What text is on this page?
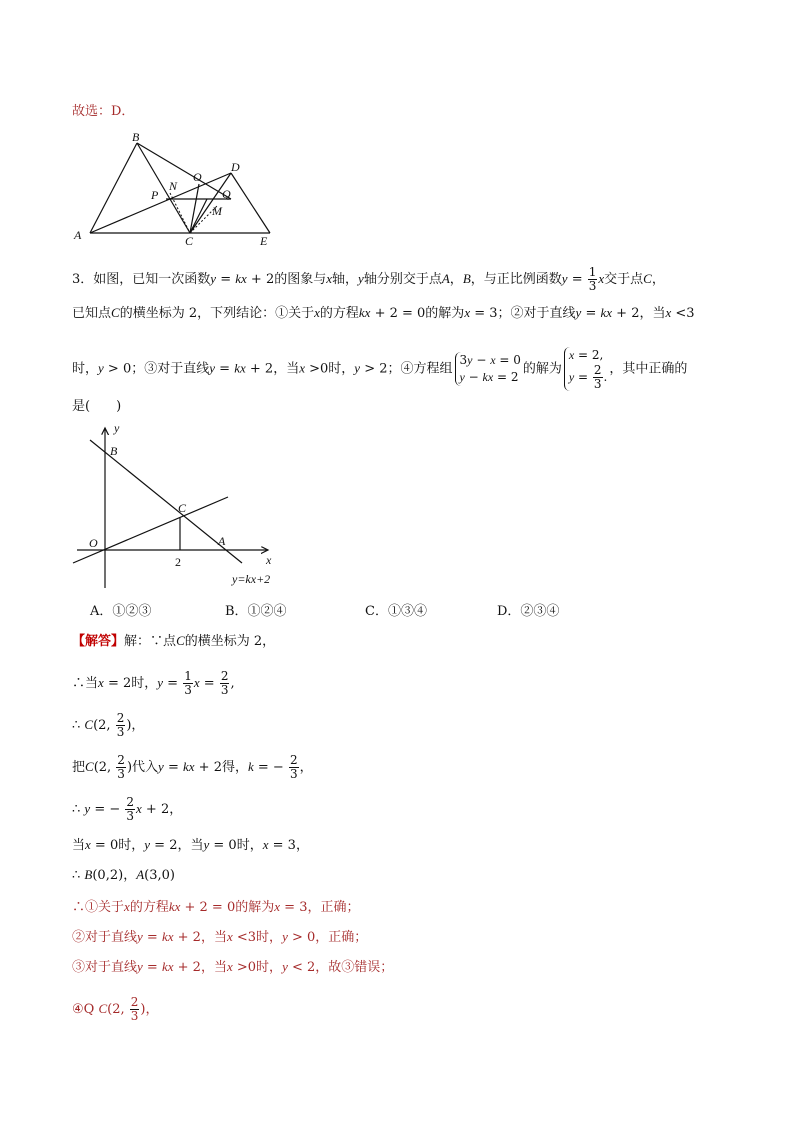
故选：D．
B
D
O
N
P	Q
M
A	C	E
3．如图，已知一次函数y = kx + 2的图象与x轴，y轴分别交于点A，B，与正比例函数$y = \frac{1}{3}$ x交于点C，
已知点C的横坐标为 2，下列结论：①关于x的方程kx + 2 = 0的解为x = 3；②对于直线y = kx + 2，当x <3
时，y > 0；③对于直线y = kx + 2，当x >0时，y > 2；④方程组
3y − x = 0
y − kx = 2
的解为
x = 2,
$y = \frac{2}{3}$ .
，其中正确的
是(　　)
y
B
C
O	A
x
2
y=kx+2
A．①②③	B．①②④	C．①③④	D．②③④
【解答】解：∵点C的横坐标为 2，
∴当x = 2时，$y = \frac{1}{3}$ $x = \frac{2}{3}$ ,
∴ C(2, $\frac{2}{3}$ )，
把C(2, $\frac{2}{3}$ )代入y = kx + 2得，k = − $\frac{2}{3}$ ，
∴ y = − $\frac{2}{3}$ x + 2，
当x = 0时，y = 2，当y = 0时，x = 3，
∴ B(0,2)，A(3,0)
∴①关于x的方程kx + 2 = 0的解为x = 3，正确；
②对于直线y = kx + 2，当x <3时，y > 0，正确；
③对于直线y = kx + 2，当x >0时，y < 2，故③错误；
④Q C(2, $\frac{2}{3}$ )，
